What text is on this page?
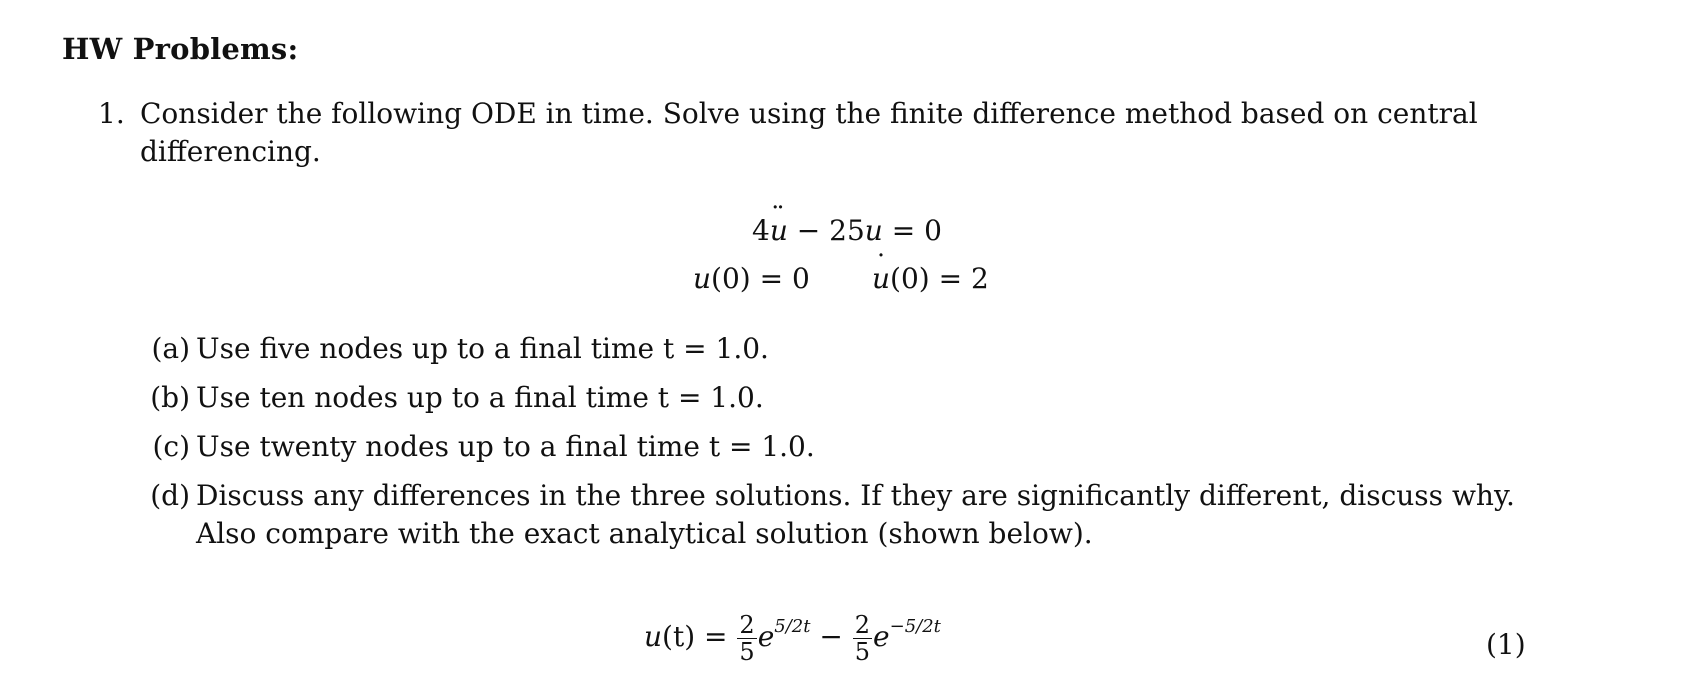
HW Problems:
1. Consider the following ODE in time. Solve using the finite difference method based on central differencing.
4¨ u − 25u = 0
u(0) = 0
˙ u(0) = 2
(a) Use five nodes up to a final time t = 1.0.
(b) Use ten nodes up to a final time t = 1.0.
(c) Use twenty nodes up to a final time t = 1.0.
(d) Discuss any differences in the three solutions. If they are significantly different, discuss why. Also compare with the exact analytical solution (shown below).
$u(t) = \frac{2}{5} e^{5/2t} - \frac{2}{5} e^{-5/2t}$
(1)
